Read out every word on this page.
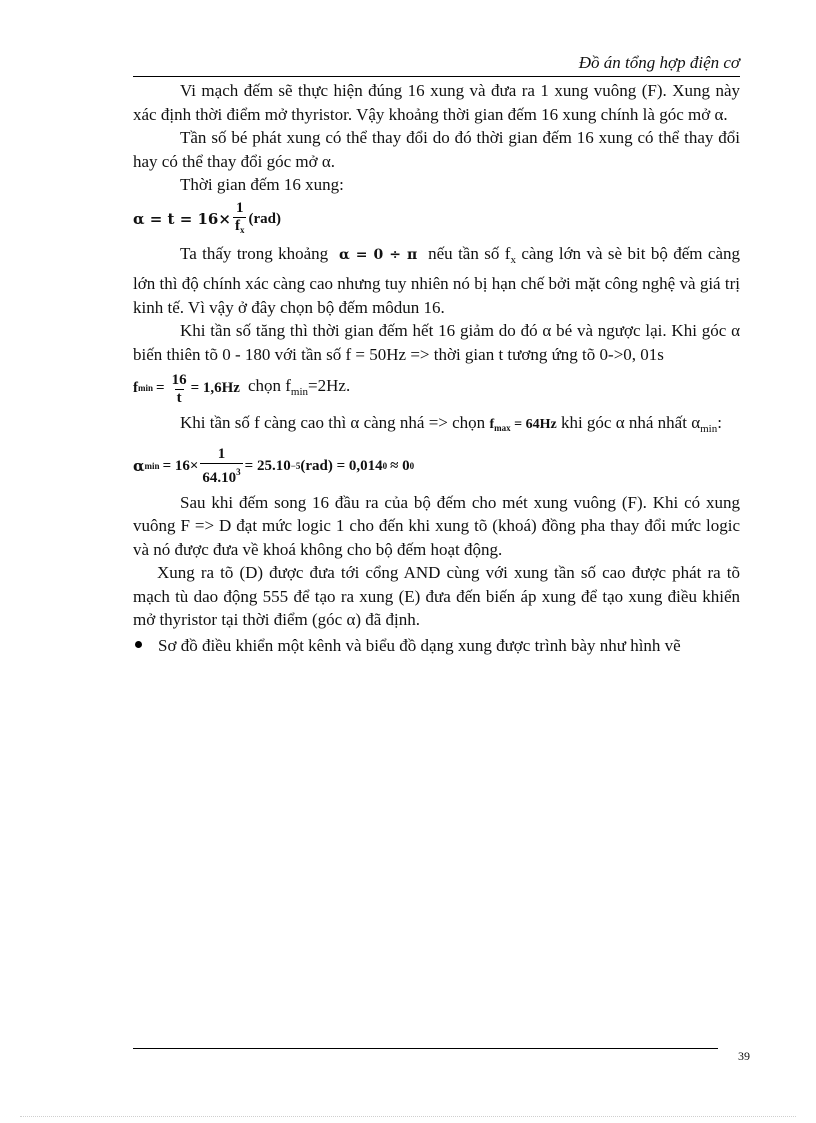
Đồ án tổng hợp điện cơ

Vi mạch đếm sẽ thực hiện đúng 16 xung và đưa ra 1 xung vuông (F). Xung này xác định thời điểm mở thyristor. Vậy khoảng thời gian đếm 16 xung chính là góc mở α.

Tần số bé phát xung có thể thay đổi do đó thời gian đếm 16 xung có thể thay đổi hay có thể thay đổi góc mở α.

Thời gian đếm 16 xung:

$\alpha = t = 16\times \frac{1}{f_x} (rad)$

Ta thấy trong khoảng α = 0 ÷ π nếu tần số $f_x$ càng lớn và sè bit bộ đếm càng lớn thì độ chính xác càng cao nhưng tuy nhiên nó bị hạn chế bởi mặt công nghệ và giá trị kinh tế. Vì vậy ở đây chọn bộ đếm môdun 16.

Khi tần số tăng thì thời gian đếm hết 16 giảm do đó α bé và ngược lại. Khi góc α biến thiên tõ 0 - 180 với tần số f = 50Hz => thời gian t tương ứng tõ 0->0, 01s

f $\min = \frac{16}{t} = 1,6Hz$ chọn $f_{min}=2Hz$.

Khi tần số f càng cao thì α càng nhá => chọn $f_{max} = 64Hz$ khi góc α nhá nhất $\alpha_{min}$:

α $\min = 16\times \frac{1}{64.10^3} = 25.10 -5$ (rad) = 0,014 0 ≈ 0 0

Sau khi đếm song 16 đầu ra của bộ đếm cho mét xung vuông (F). Khi có xung vuông F => D đạt mức logic 1 cho đến khi xung tõ (khoá) đồng pha thay đổi mức logic và nó được đưa về khoá không cho bộ đếm hoạt động.

Xung ra tõ (D) được đưa tới cổng AND cùng với xung tần số cao được phát ra tõ mạch tù dao động 555 để tạo ra xung (E) đưa đến biến áp xung để tạo xung điều khiển mở thyristor tại thời điểm (góc α) đã định.

Sơ đồ điều khiển một kênh và biểu đồ dạng xung được trình bày như hình vẽ
39
